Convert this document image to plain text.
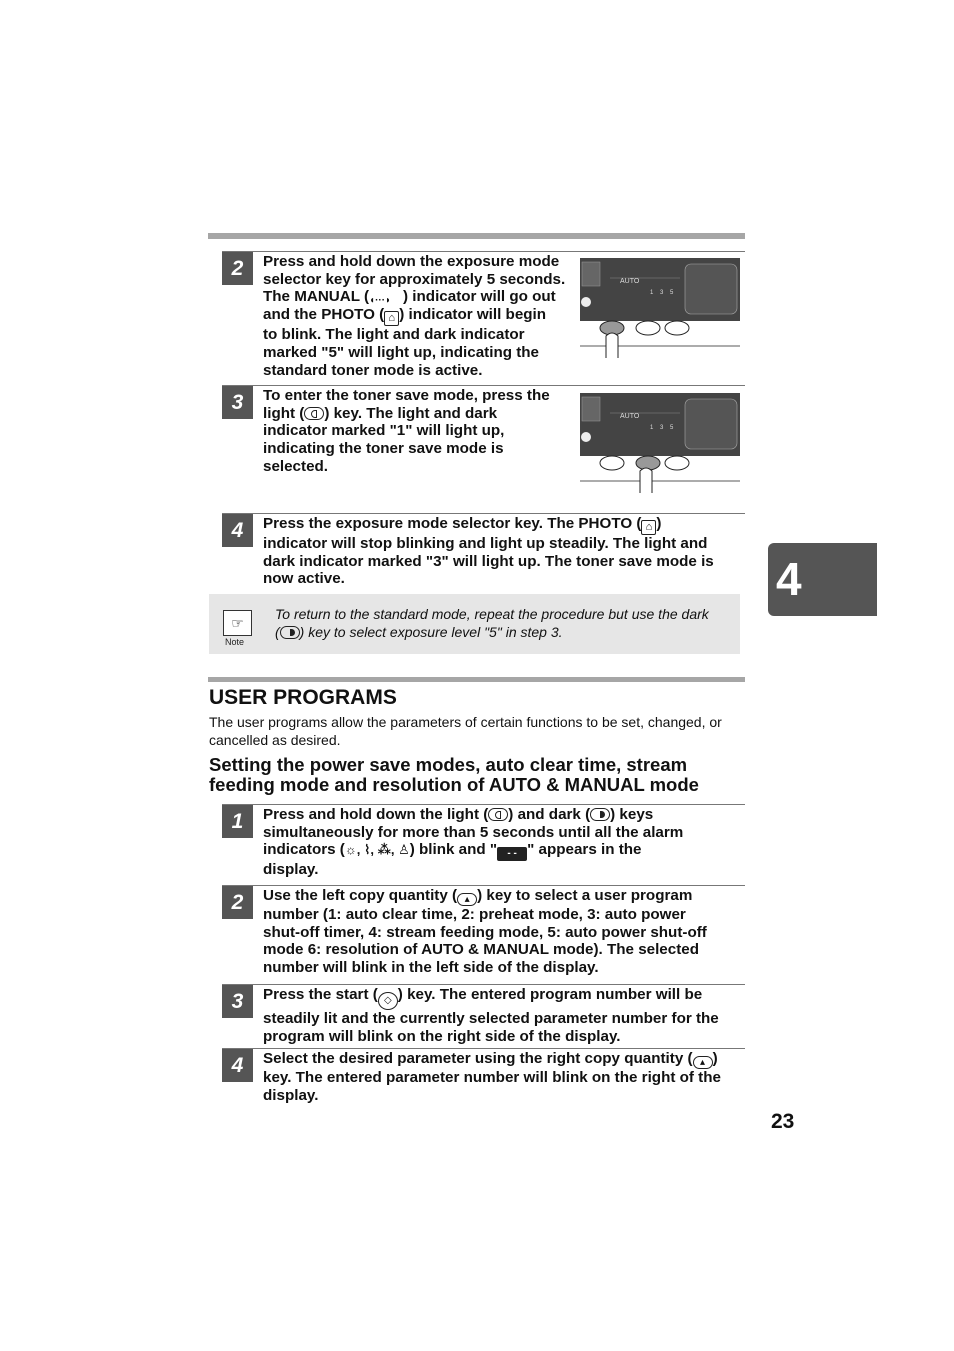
2	Press and hold down the exposure mode

selector key for approximately 5 seconds.

The MANUAL (◖···◗ ) indicator will go out

and the PHOTO ( ⌂ ) indicator will begin

to blink. The light and dark indicator

marked "5" will light up, indicating the

standard toner mode is active.

3	To enter the toner save mode, press the

light ( ) key. The light and dark

indicator marked "1" will light up,

indicating the toner save mode is

selected.

4	Press the exposure mode selector key. The PHOTO ( ⌂ )

indicator will stop blinking and light up steadily. The light and

dark indicator marked "3" will light up. The toner save mode is

now active.

AUTO
1 3 5
AUTO
1 3 5
☞
Note

To return to the standard mode, repeat the procedure but use the dark

( ) key to select exposure level "5" in step 3.

USER PROGRAMS

The user programs allow the parameters of certain functions to be set, changed, or

cancelled as desired.

Setting the power save modes, auto clear time, stream

feeding mode and resolution of AUTO & MANUAL mode

1	Press and hold down the light ( ) and dark ( ) keys

simultaneously for more than 5 seconds until all the alarm

indicators (☼, ⌇, ⁂, ♙) blink and " - - " appears in the

display.

2	Use the left copy quantity ( ▴ ) key to select a user program

number (1: auto clear time, 2: preheat mode, 3: auto power

shut-off timer, 4: stream feeding mode, 5: auto power shut-off

mode 6: resolution of AUTO & MANUAL mode). The selected

number will blink in the left side of the display.

3	Press the start ( ◇ ) key. The entered program number will be

steadily lit and the currently selected parameter number for the

program will blink on the right side of the display.

4	Select the desired parameter using the right copy quantity ( ▴ )

key. The entered parameter number will blink on the right of the

display.

4
23
